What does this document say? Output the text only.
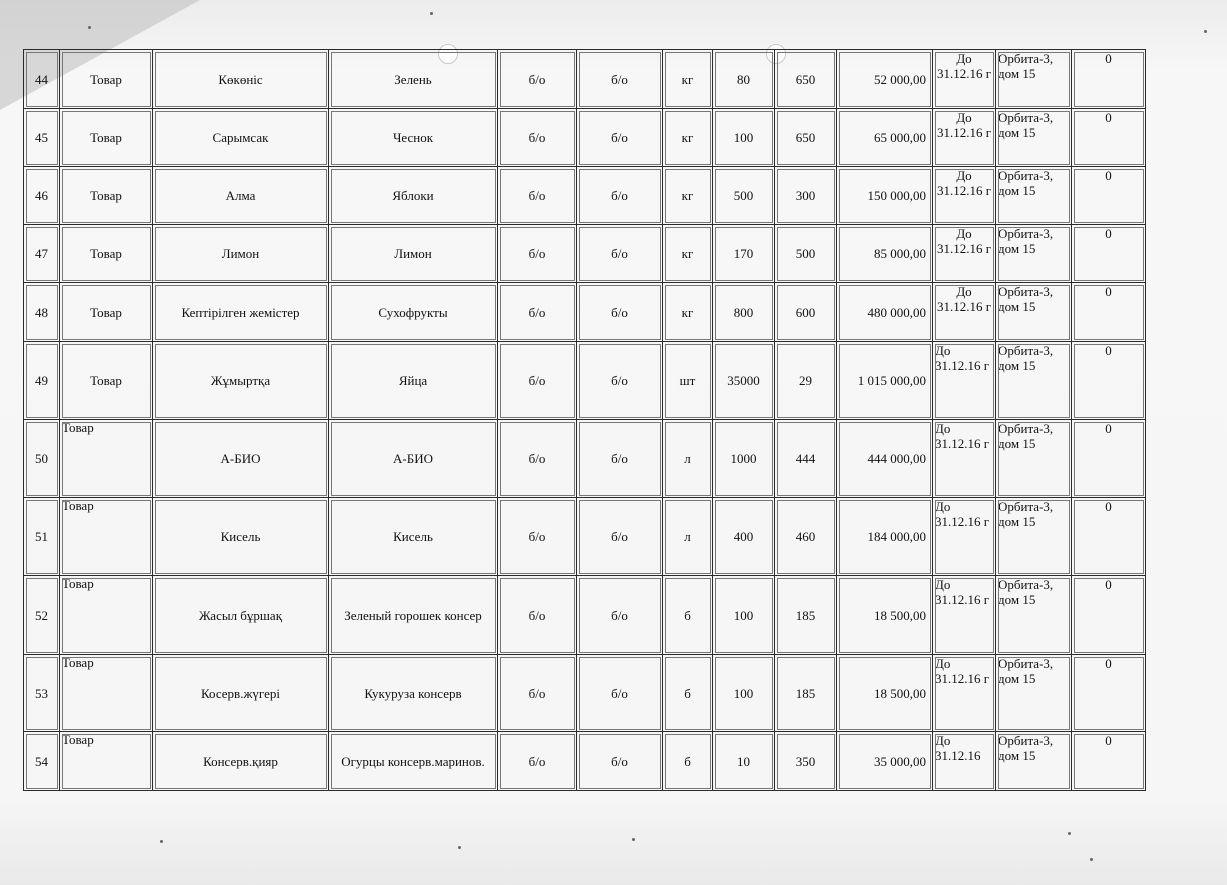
44	Товар	Көкөніс	Зелень	б/о	б/о	кг	80	650	52 000,00	До 31.12.16 г	Орбита-3, дом 15	0
45	Товар	Сарымсак	Чеснок	б/о	б/о	кг	100	650	65 000,00	До 31.12.16 г	Орбита-3, дом 15	0
46	Товар	Алма	Яблоки	б/о	б/о	кг	500	300	150 000,00	До 31.12.16 г	Орбита-3, дом 15	0
47	Товар	Лимон	Лимон	б/о	б/о	кг	170	500	85 000,00	До 31.12.16 г	Орбита-3, дом 15	0
48	Товар	Кептірілген жемістер	Сухофрукты	б/о	б/о	кг	800	600	480 000,00	До 31.12.16 г	Орбита-3, дом 15	0
49	Товар	Жұмыртқа	Яйца	б/о	б/о	шт	35000	29	1 015 000,00	До 31.12.16 г	Орбита-3, дом 15	0
50	Товар	А-БИО	А-БИО	б/о	б/о	л	1000	444	444 000,00	До 31.12.16 г	Орбита-3, дом 15	0
51	Товар	Кисель	Кисель	б/о	б/о	л	400	460	184 000,00	До 31.12.16 г	Орбита-3, дом 15	0
52	Товар	Жасыл бұршақ	Зеленый горошек консер	б/о	б/о	б	100	185	18 500,00	До 31.12.16 г	Орбита-3, дом 15	0
53	Товар	Косерв.жүгері	Кукуруза консерв	б/о	б/о	б	100	185	18 500,00	До 31.12.16 г	Орбита-3, дом 15	0
54	Товар	Консерв.қияр	Огурцы консерв.маринов.	б/о	б/о	б	10	350	35 000,00	До 31.12.16	Орбита-3, дом 15	0
